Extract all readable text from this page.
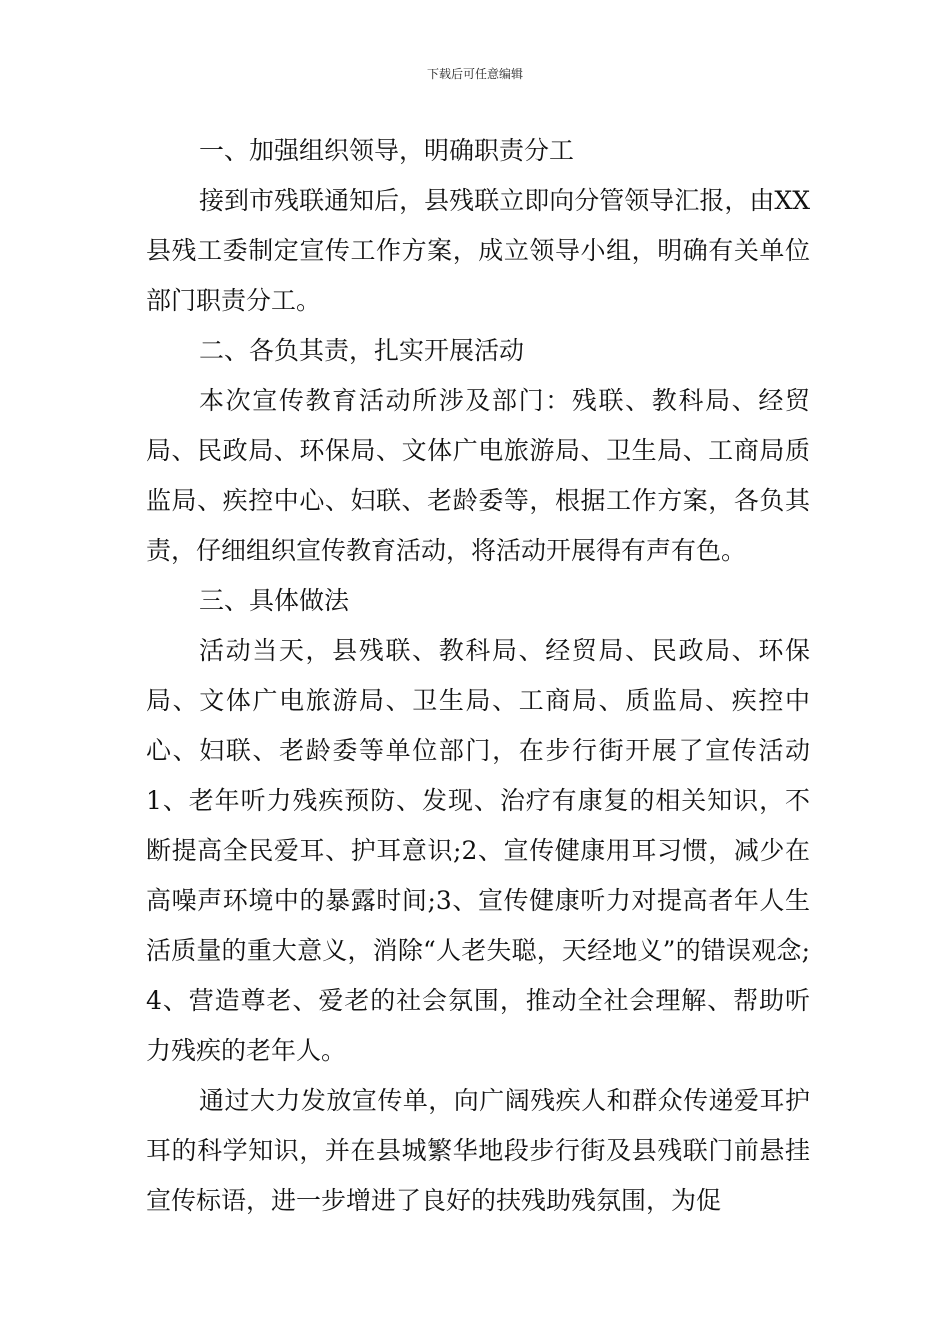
下载后可任意编辑

一、加强组织领导，明确职责分工

接到市残联通知后，县残联立即向分管领导汇报，由XX县残工委制定宣传工作方案，成立领导小组，明确有关单位部门职责分工。

二、各负其责，扎实开展活动

本次宣传教育活动所涉及部门：残联、教科局、经贸局、民政局、环保局、文体广电旅游局、卫生局、工商局质监局、疾控中心、妇联、老龄委等，根据工作方案，各负其责，仔细组织宣传教育活动，将活动开展得有声有色。

三、具体做法

活动当天，县残联、教科局、经贸局、民政局、环保局、文体广电旅游局、卫生局、工商局、质监局、疾控中心、妇联、老龄委等单位部门，在步行街开展了宣传活动1、老年听力残疾预防、发现、治疗有康复的相关知识，不断提高全民爱耳、护耳意识;2、宣传健康用耳习惯，减少在高噪声环境中的暴露时间;3、宣传健康听力对提高者年人生活质量的重大意义，消除“人老失聪，天经地义”的错误观念;4、营造尊老、爱老的社会氛围，推动全社会理解、帮助听力残疾的老年人。

通过大力发放宣传单，向广阔残疾人和群众传递爱耳护耳的科学知识，并在县城繁华地段步行街及县残联门前悬挂宣传标语，进一步增进了良好的扶残助残氛围，为促
